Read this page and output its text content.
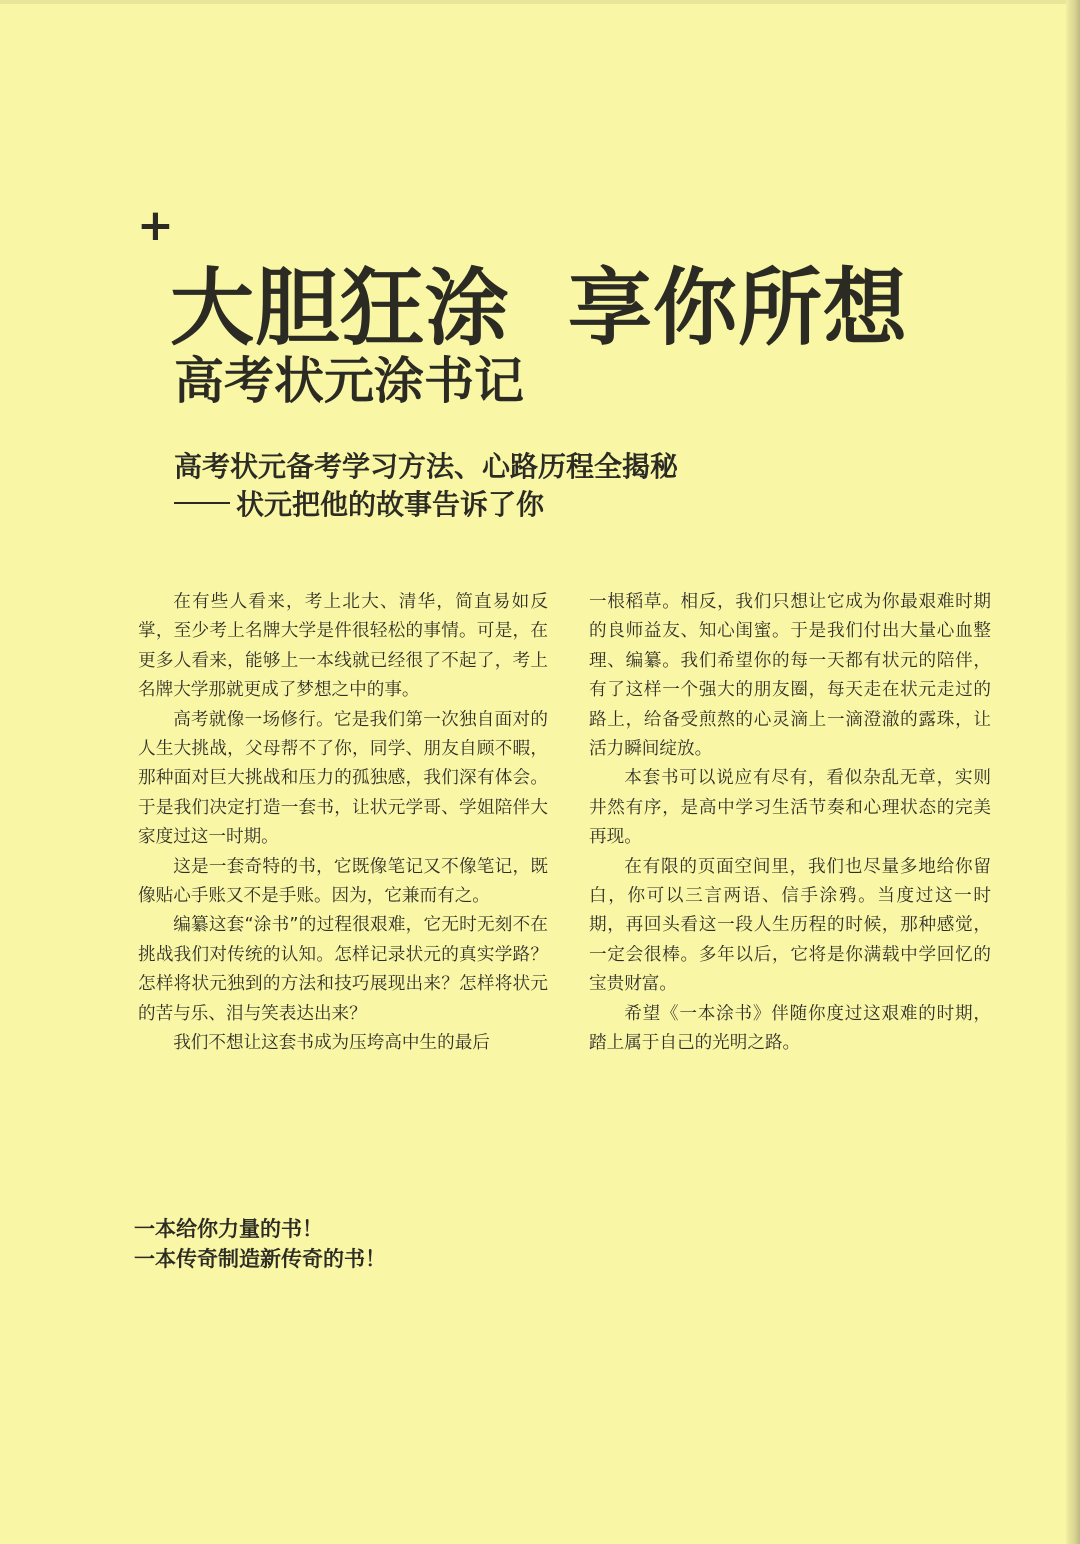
+
大胆狂涂 享你所想
高考状元涂书记
高考状元备考学习方法、心路历程全揭秘
状元把他的故事告诉了你

在有些人看来，考上北大、清华，简直易如反掌，至少考上名牌大学是件很轻松的事情。可是，在更多人看来，能够上一本线就已经很了不起了，考上名牌大学那就更成了梦想之中的事。

高考就像一场修行。它是我们第一次独自面对的人生大挑战，父母帮不了你，同学、朋友自顾不暇，那种面对巨大挑战和压力的孤独感，我们深有体会。于是我们决定打造一套书，让状元学哥、学姐陪伴大家度过这一时期。

这是一套奇特的书，它既像笔记又不像笔记，既像贴心手账又不是手账。因为，它兼而有之。

编纂这套“涂书”的过程很艰难，它无时无刻不在挑战我们对传统的认知。怎样记录状元的真实学路？怎样将状元独到的方法和技巧展现出来？怎样将状元的苦与乐、泪与笑表达出来？

我们不想让这套书成为压垮高中生的最后

一根稻草。相反，我们只想让它成为你最艰难时期的良师益友、知心闺蜜。于是我们付出大量心血整理、编纂。我们希望你的每一天都有状元的陪伴，有了这样一个强大的朋友圈，每天走在状元走过的路上，给备受煎熬的心灵滴上一滴澄澈的露珠，让活力瞬间绽放。

本套书可以说应有尽有，看似杂乱无章，实则井然有序，是高中学习生活节奏和心理状态的完美再现。

在有限的页面空间里，我们也尽量多地给你留白，你可以三言两语、信手涂鸦。当度过这一时期，再回头看这一段人生历程的时候，那种感觉，一定会很棒。多年以后，它将是你满载中学回忆的宝贵财富。

希望《一本涂书》伴随你度过这艰难的时期，踏上属于自己的光明之路。

一本给你力量的书！
一本传奇制造新传奇的书！
